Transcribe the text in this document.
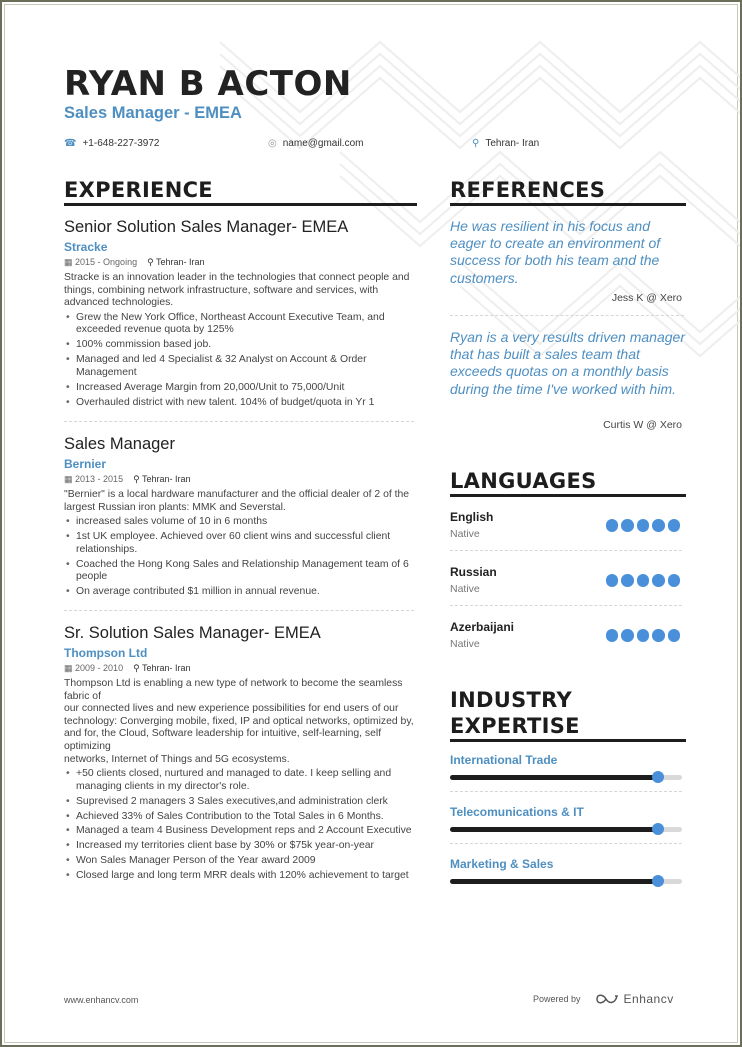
RYAN B ACTON
Sales Manager - EMEA
☎ +1-648-227-3972	◎ name@gmail.com	⚲ Tehran- Iran
EXPERIENCE
Senior Solution Sales Manager- EMEA
Stracke
▦ 2015 - Ongoing ⚲ Tehran- Iran
Stracke is an innovation leader in the technologies that connect people and things, combining network infrastructure, software and services, with advanced technologies.
• Grew the New York Office, Northeast Account Executive Team, and exceeded revenue quota by 125%
• 100% commission based job.
• Managed and led 4 Specialist & 32 Analyst on Account & Order Management
• Increased Average Margin from 20,000/Unit to 75,000/Unit
• Overhauled district with new talent. 104% of budget/quota in Yr 1
Sales Manager
Bernier
▦ 2013 - 2015 ⚲ Tehran- Iran
"Bernier" is a local hardware manufacturer and the official dealer of 2 of the largest Russian iron plants: MMK and Severstal.
• increased sales volume of 10 in 6 months
• 1st UK employee. Achieved over 60 client wins and successful client relationships.
• Coached the Hong Kong Sales and Relationship Management team of 6 people
• On average contributed $1 million in annual revenue.
Sr. Solution Sales Manager- EMEA
Thompson Ltd
▦ 2009 - 2010 ⚲ Tehran- Iran
Thompson Ltd is enabling a new type of network to become the seamless fabric of
our connected lives and new experience possibilities for end users of our
technology: Converging mobile, fixed, IP and optical networks, optimized by, and for, the Cloud, Software leadership for intuitive, self-learning, self optimizing
networks, Internet of Things and 5G ecosystems.
• +50 clients closed, nurtured and managed to date. I keep selling and managing clients in my director's role.
• Suprevised 2 managers 3 Sales executives,and administration clerk
• Achieved 33% of Sales Contribution to the Total Sales in 6 Months.
• Managed a team 4 Business Development reps and 2 Account Executive
• Increased my territories client base by 30% or $75k year-on-year
• Won Sales Manager Person of the Year award 2009
• Closed large and long term MRR deals with 120% achievement to target
REFERENCES
He was resilient in his focus and eager to create an environment of success for both his team and the customers.
Jess K @ Xero
Ryan is a very results driven manager that has built a sales team that exceeds quotas on a monthly basis during the time I've worked with him.
Curtis W @ Xero
LANGUAGES
English
Native
Russian
Native
Azerbaijani
Native
INDUSTRY
EXPERTISE
International Trade
Telecomunications & IT
Marketing & Sales
www.enhancv.com	Powered by	Enhancv
